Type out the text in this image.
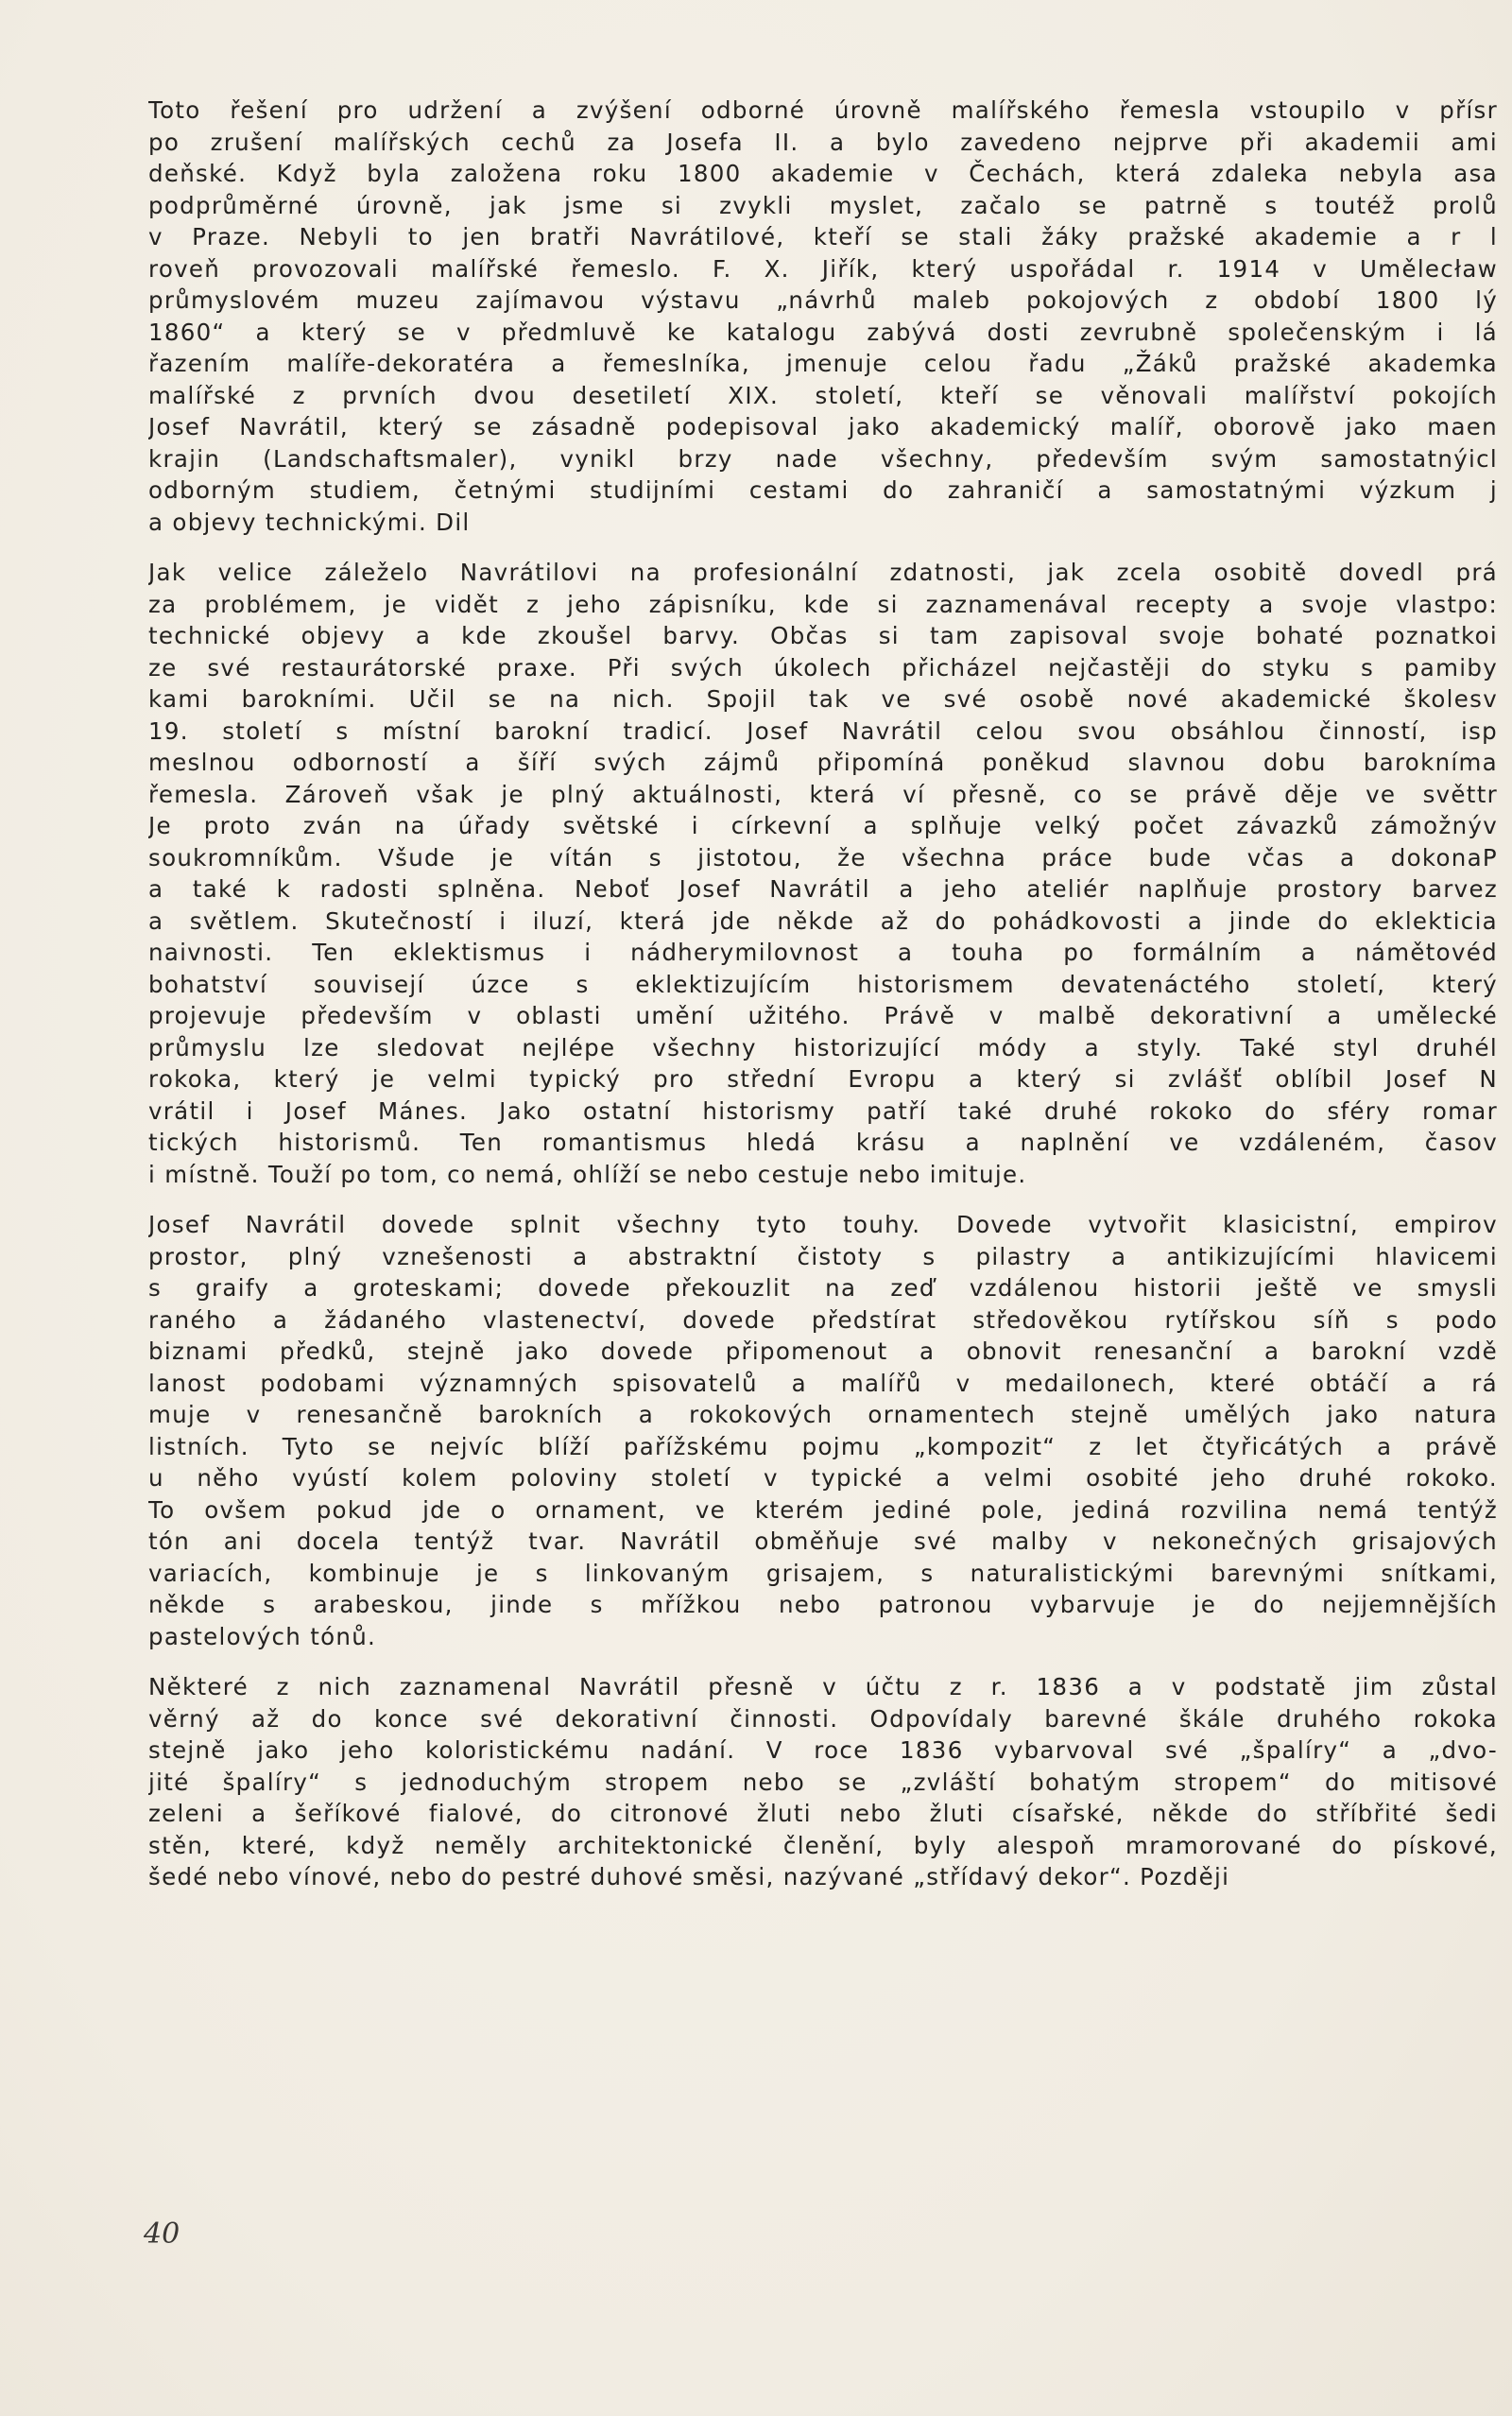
Toto řešení pro udržení a zvýšení odborné úrovně malířského řemesla vstoupilo v přísr
po zrušení malířských cechů za Josefa II. a bylo zavedeno nejprve při akademii ami
deňské. Když byla založena roku 1800 akademie v Čechách, která zdaleka nebyla asa
podprůměrné úrovně, jak jsme si zvykli myslet, začalo se patrně s toutéž prolů
v Praze. Nebyli to jen bratři Navrátilové, kteří se stali žáky pražské akademie a r l
roveň provozovali malířské řemeslo. F. X. Jiřík, který uspořádal r. 1914 v Umělecław
průmyslovém muzeu zajímavou výstavu „návrhů maleb pokojových z období 1800 lý
1860“ a který se v předmluvě ke katalogu zabývá dosti zevrubně společenským i lá
řazením malíře-dekoratéra a řemeslníka, jmenuje celou řadu „Žáků pražské akademka
malířské z prvních dvou desetiletí XIX. století, kteří se věnovali malířství pokojích
Josef Navrátil, který se zásadně podepisoval jako akademický malíř, oborově jako maen
krajin (Landschaftsmaler), vynikl brzy nade všechny, především svým samostatnýicl
odborným studiem, četnými studijními cestami do zahraničí a samostatnými výzkum j
a objevy technickými. Dil
Jak velice záleželo Navrátilovi na profesionální zdatnosti, jak zcela osobitě dovedl prá
za problémem, je vidět z jeho zápisníku, kde si zaznamenával recepty a svoje vlastpo:
technické objevy a kde zkoušel barvy. Občas si tam zapisoval svoje bohaté poznatkoi
ze své restaurátorské praxe. Při svých úkolech přicházel nejčastěji do styku s pamiby
kami barokními. Učil se na nich. Spojil tak ve své osobě nové akademické školesv
19. století s místní barokní tradicí. Josef Navrátil celou svou obsáhlou činností, isp
meslnou odborností a šíří svých zájmů připomíná poněkud slavnou dobu barokníma
řemesla. Zároveň však je plný aktuálnosti, která ví přesně, co se právě děje ve světtr
Je proto zván na úřady světské i církevní a splňuje velký počet závazků zámožnýv
soukromníkům. Všude je vítán s jistotou, že všechna práce bude včas a dokonaP
a také k radosti splněna. Neboť Josef Navrátil a jeho ateliér naplňuje prostory barvez
a světlem. Skutečností i iluzí, která jde někde až do pohádkovosti a jinde do eklekticia
naivnosti. Ten eklektismus i nádherymilovnost a touha po formálním a námětovéd
bohatství souvisejí úzce s eklektizujícím historismem devatenáctého století, který
projevuje především v oblasti umění užitého. Právě v malbě dekorativní a umělecké
průmyslu lze sledovat nejlépe všechny historizující módy a styly. Také styl druhél
rokoka, který je velmi typický pro střední Evropu a který si zvlášť oblíbil Josef N
vrátil i Josef Mánes. Jako ostatní historismy patří také druhé rokoko do sféry romar
tických historismů. Ten romantismus hledá krásu a naplnění ve vzdáleném, časov
i místně. Touží po tom, co nemá, ohlíží se nebo cestuje nebo imituje.
Josef Navrátil dovede splnit všechny tyto touhy. Dovede vytvořit klasicistní, empirov
prostor, plný vznešenosti a abstraktní čistoty s pilastry a antikizujícími hlavicemi
s graify a groteskami; dovede překouzlit na zeď vzdálenou historii ještě ve smysli
raného a žádaného vlastenectví, dovede předstírat středověkou rytířskou síň s podo
biznami předků, stejně jako dovede připomenout a obnovit renesanční a barokní vzdě
lanost podobami významných spisovatelů a malířů v medailonech, které obtáčí a rá
muje v renesančně barokních a rokokových ornamentech stejně umělých jako natura
listních. Tyto se nejvíc blíží pařížskému pojmu „kompozit“ z let čtyřicátých a právě
u něho vyústí kolem poloviny století v typické a velmi osobité jeho druhé rokoko.
To ovšem pokud jde o ornament, ve kterém jediné pole, jediná rozvilina nemá tentýž
tón ani docela tentýž tvar. Navrátil obměňuje své malby v nekonečných grisajových
variacích, kombinuje je s linkovaným grisajem, s naturalistickými barevnými snítkami,
někde s arabeskou, jinde s mřížkou nebo patronou vybarvuje je do nejjemnějších
pastelových tónů.
Některé z nich zaznamenal Navrátil přesně v účtu z r. 1836 a v podstatě jim zůstal
věrný až do konce své dekorativní činnosti. Odpovídaly barevné škále druhého rokoka
stejně jako jeho koloristickému nadání. V roce 1836 vybarvoval své „špalíry“ a „dvo-
jité špalíry“ s jednoduchým stropem nebo se „zvláští bohatým stropem“ do mitisové
zeleni a šeříkové fialové, do citronové žluti nebo žluti císařské, někde do stříbřité šedi
stěn, které, když neměly architektonické členění, byly alespoň mramorované do pískové,
šedé nebo vínové, nebo do pestré duhové směsi, nazývané „střídavý dekor“. Později
40
